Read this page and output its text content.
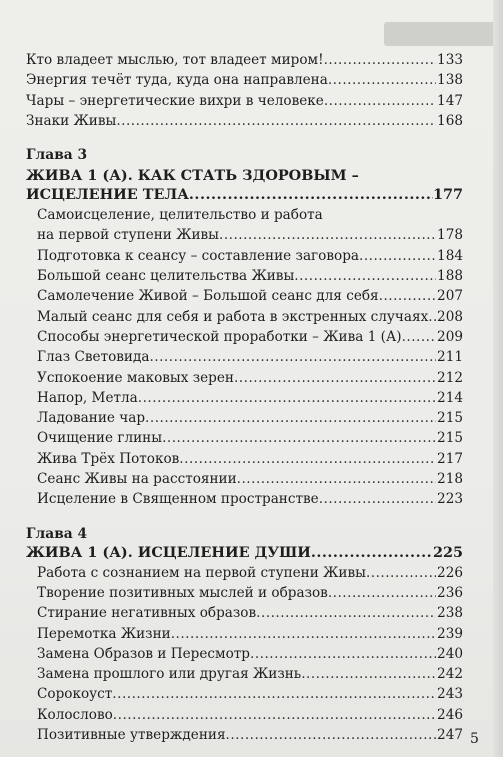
Кто владеет мыслью, тот владеет миром! .....	133
Энергия течёт туда, куда она направлена .....	138
Чары – энергетические вихри в человеке .....	147
Знаки Живы .....	168
Глава 3
ЖИВА 1 (А). КАК СТАТЬ ЗДОРОВЫМ –
ИСЦЕЛЕНИЕ ТЕЛА .....	177
Самоисцеление, целительство и работа
на первой ступени Живы .....	178
Подготовка к сеансу – составление заговора .....	184
Большой сеанс целительства Живы .....	188
Самолечение Живой – Большой сеанс для себя .....	207
Малый сеанс для себя и работа в экстренных случаях ..... 208
Способы энергетической проработки – Жива 1 (А) .....	209
Глаз Световида .....	211
Успокоение маковых зерен .....	212
Напор, Метла .....	214
Ладование чар .....	215
Очищение глины .....	215
Жива Трёх Потоков .....	217
Сеанс Живы на расстоянии .....	218
Исцеление в Священном пространстве .....	223
Глава 4
ЖИВА 1 (А). ИСЦЕЛЕНИЕ ДУШИ .....	225
Работа с сознанием на первой ступени Живы .....	226
Творение позитивных мыслей и образов .....	236
Стирание негативных образов .....	238
Перемотка Жизни .....	239
Замена Образов и Пересмотр .....	240
Замена прошлого или другая Жизнь .....	242
Сорокоуст .....	243
Колослово .....	246
Позитивные утверждения .....	247 5
